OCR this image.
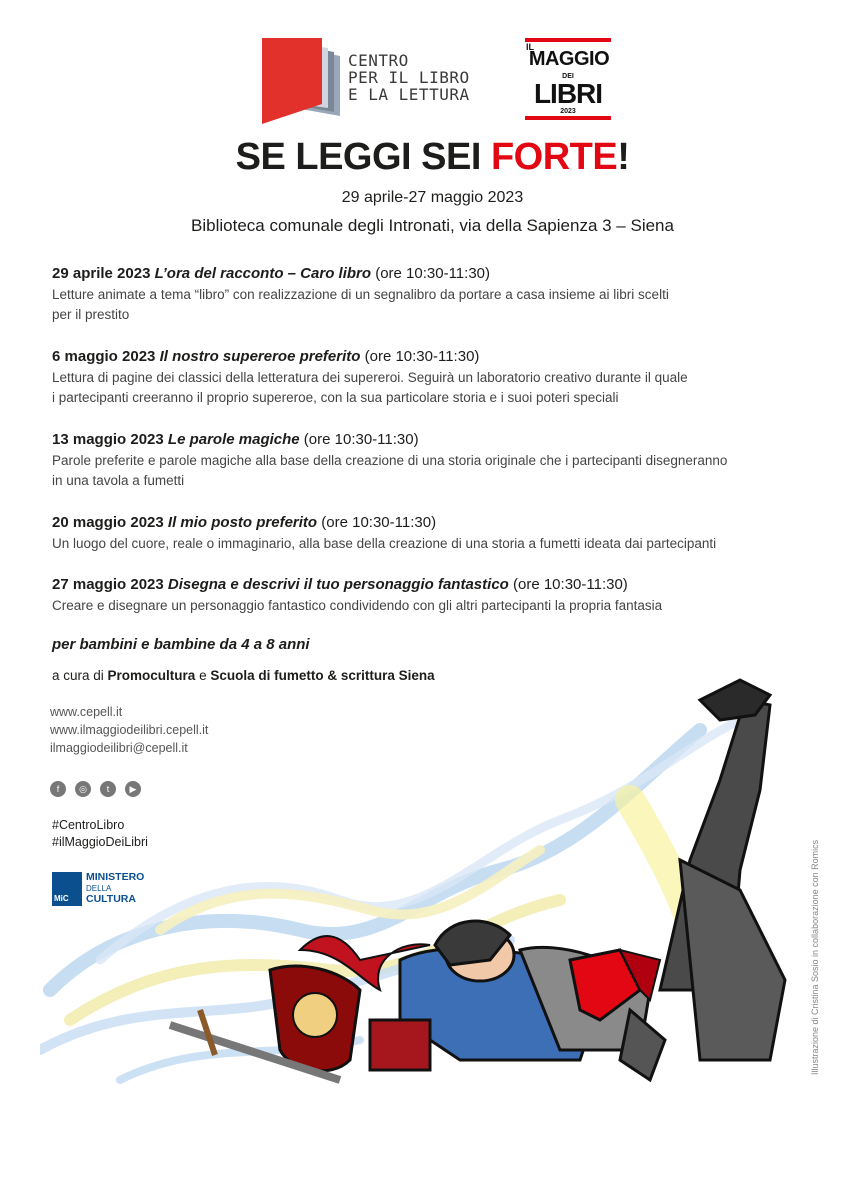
CENTRO
PER IL LIBRO
E LA LETTURA
IL
MAGGIO
DEI
LIBRI
2023
SE LEGGI SEI FORTE!
29 aprile-27 maggio 2023
Biblioteca comunale degli Intronati, via della Sapienza 3 – Siena
29 aprile 2023 L’ora del racconto – Caro libro (ore 10:30-11:30)
Letture animate a tema “libro” con realizzazione di un segnalibro da portare a casa insieme ai libri scelti
per il prestito
6 maggio 2023 Il nostro supereroe preferito (ore 10:30-11:30)
Lettura di pagine dei classici della letteratura dei supereroi. Seguirà un laboratorio creativo durante il quale
i partecipanti creeranno il proprio supereroe, con la sua particolare storia e i suoi poteri speciali
13 maggio 2023 Le parole magiche (ore 10:30-11:30)
Parole preferite e parole magiche alla base della creazione di una storia originale che i partecipanti disegneranno
in una tavola a fumetti
20 maggio 2023 Il mio posto preferito (ore 10:30-11:30)
Un luogo del cuore, reale o immaginario, alla base della creazione di una storia a fumetti ideata dai partecipanti
27 maggio 2023 Disegna e descrivi il tuo personaggio fantastico (ore 10:30-11:30)
Creare e disegnare un personaggio fantastico condividendo con gli altri partecipanti la propria fantasia
per bambini e bambine da 4 a 8 anni
a cura di Promocultura e Scuola di fumetto & scrittura Siena
www.cepell.it
www.ilmaggiodeilibri.cepell.it
ilmaggiodeilibri@cepell.it
f ◎ t ▶
#CentroLibro
#ilMaggioDeiLibri
MiC
MINISTERO
DELLA
CULTURA	Illustrazione di Cristina Sosio in collaborazione con Romics
